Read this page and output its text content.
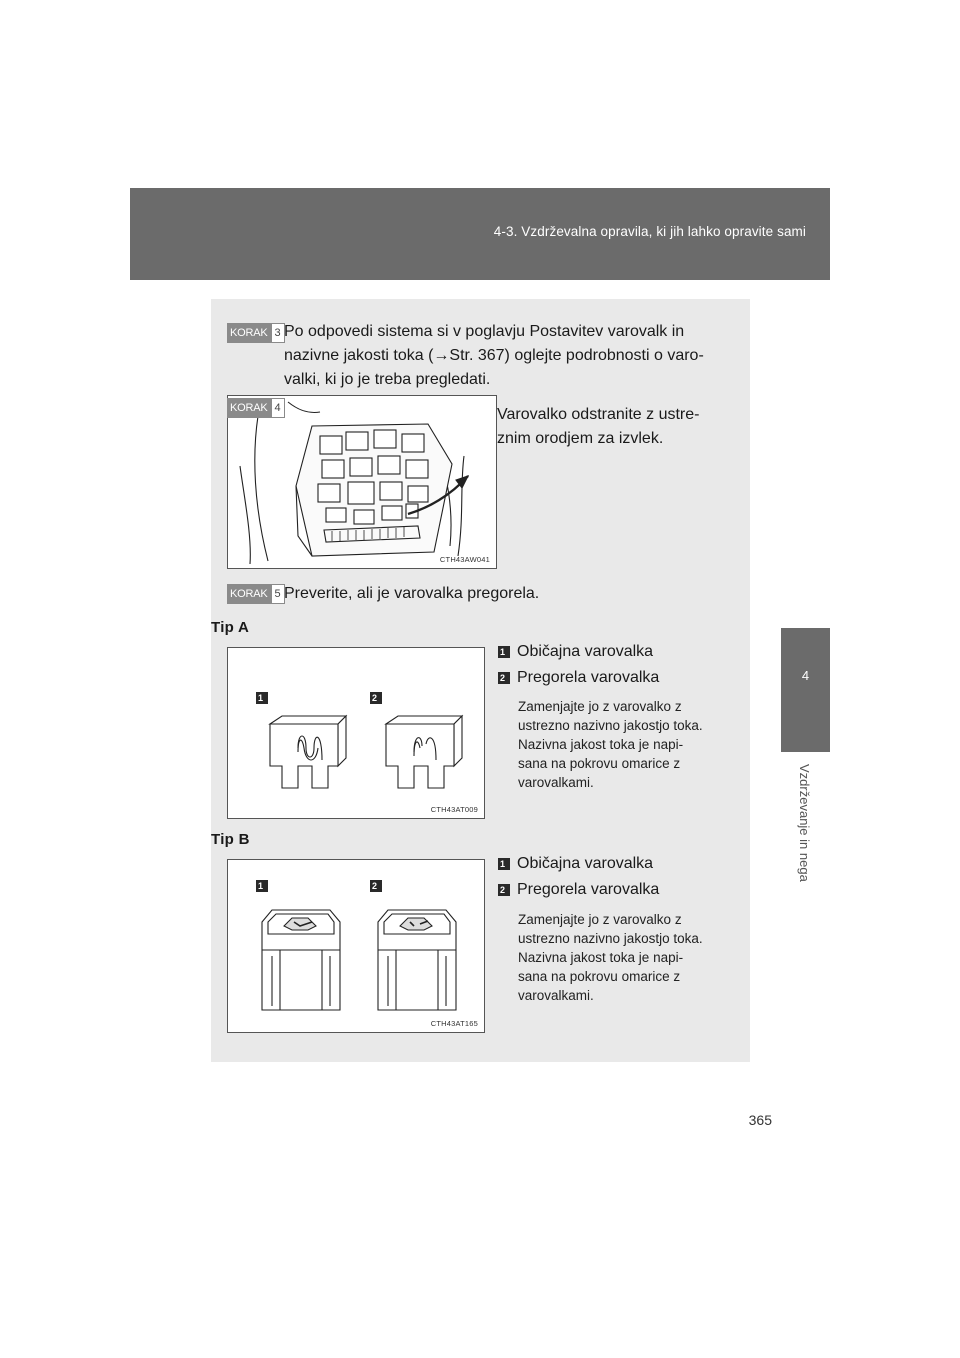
4-3. Vzdrževalna opravila, ki jih lahko opravite sami
4
Vzdrževanje in nega
KORAK 3 Po odpovedi sistema si v poglavju Postavitev varovalk in
nazivne jakosti toka (→Str. 367) oglejte podrobnosti o varo-
valki, ki jo je treba pregledati.
CTH43AW041
Varovalko odstranite z ustre-
znim orodjem za izvlek.
KORAK 4
KORAK 5 Preverite, ali je varovalka pregorela.
Tip A
1	2
CTH43AT009
1 Običajna varovalka
2 Pregorela varovalka
Zamenjajte jo z varovalko z
ustrezno nazivno jakostjo toka.
Nazivna jakost toka je napi-
sana na pokrovu omarice z
varovalkami.
Tip B
1	2
CTH43AT165
1 Običajna varovalka
2 Pregorela varovalka
Zamenjajte jo z varovalko z
ustrezno nazivno jakostjo toka.
Nazivna jakost toka je napi-
sana na pokrovu omarice z
varovalkami.
365
